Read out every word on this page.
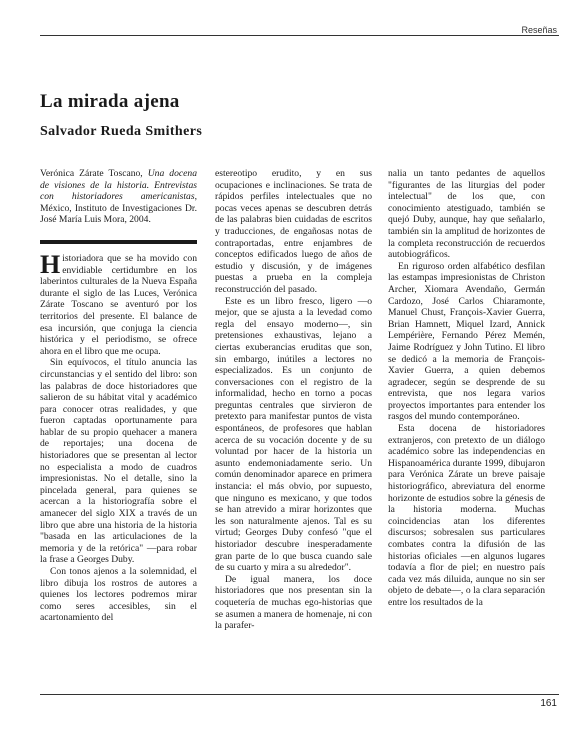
Reseñas
La mirada ajena
Salvador Rueda Smithers

Verónica Zárate Toscano, Una docena de visiones de la historia. Entrevistas con historiadores americanistas, México, Instituto de Investigaciones Dr. José María Luis Mora, 2004.

Historiadora que se ha movido con envidiable certidumbre en los laberintos culturales de la Nueva España durante el siglo de las Luces, Verónica Zárate Toscano se aventuró por los territorios del presente. El balance de esa incursión, que conjuga la ciencia histórica y el periodismo, se ofrece ahora en el libro que me ocupa.

Sin equívocos, el título anuncia las circunstancias y el sentido del libro: son las palabras de doce historiadores que salieron de su hábitat vital y académico para conocer otras realidades, y que fueron captadas oportunamente para hablar de su propio quehacer a manera de reportajes; una docena de historiadores que se presentan al lector no especialista a modo de cuadros impresionistas. No el detalle, sino la pincelada general, para quienes se acercan a la historiografía sobre el amanecer del siglo XIX a través de un libro que abre una historia de la historia "basada en las articulaciones de la memoria y de la retórica" —para robar la frase a Georges Duby.

Con tonos ajenos a la solemnidad, el libro dibuja los rostros de autores a quienes los lectores podremos mirar como seres accesibles, sin el acartonamiento del

estereotipo erudito, y en sus ocupaciones e inclinaciones. Se trata de rápidos perfiles intelectuales que no pocas veces apenas se descubren detrás de las palabras bien cuidadas de escritos y traducciones, de engañosas notas de contraportadas, entre enjambres de conceptos edificados luego de años de estudio y discusión, y de imágenes puestas a prueba en la compleja reconstrucción del pasado.

Este es un libro fresco, ligero —o mejor, que se ajusta a la levedad como regla del ensayo moderno—, sin pretensiones exhaustivas, lejano a ciertas exuberancias eruditas que son, sin embargo, inútiles a lectores no especializados. Es un conjunto de conversaciones con el registro de la informalidad, hecho en torno a pocas preguntas centrales que sirvieron de pretexto para manifestar puntos de vista espontáneos, de profesores que hablan acerca de su vocación docente y de su voluntad por hacer de la historia un asunto endemoniadamente serio. Un común denominador aparece en primera instancia: el más obvio, por supuesto, que ninguno es mexicano, y que todos se han atrevido a mirar horizontes que les son naturalmente ajenos. Tal es su virtud; Georges Duby confesó "que el historiador descubre inesperadamente gran parte de lo que busca cuando sale de su cuarto y mira a su alrededor".

De igual manera, los doce historiadores que nos presentan sin la coquetería de muchas ego-historias que se asumen a manera de homenaje, ni con la parafer-

nalia un tanto pedantes de aquellos "figurantes de las liturgias del poder intelectual" de los que, con conocimiento atestiguado, también se quejó Duby, aunque, hay que señalarlo, también sin la amplitud de horizontes de la completa reconstrucción de recuerdos autobiográficos.

En riguroso orden alfabético desfilan las estampas impresionistas de Christon Archer, Xiomara Avendaño, Germán Cardozo, José Carlos Chiaramonte, Manuel Chust, François-Xavier Guerra, Brian Hamnett, Miquel Izard, Annick Lempérière, Fernando Pérez Memén, Jaime Rodríguez y John Tutino. El libro se dedicó a la memoria de François-Xavier Guerra, a quien debemos agradecer, según se desprende de su entrevista, que nos legara varios proyectos importantes para entender los rasgos del mundo contemporáneo.

Esta docena de historiadores extranjeros, con pretexto de un diálogo académico sobre las independencias en Hispanoamérica durante 1999, dibujaron para Verónica Zárate un breve paisaje historiográfico, abreviatura del enorme horizonte de estudios sobre la génesis de la historia moderna. Muchas coincidencias atan los diferentes discursos; sobresalen sus particulares combates contra la difusión de las historias oficiales —en algunos lugares todavía a flor de piel; en nuestro país cada vez más diluida, aunque no sin ser objeto de debate—, o la clara separación entre los resultados de la

161
